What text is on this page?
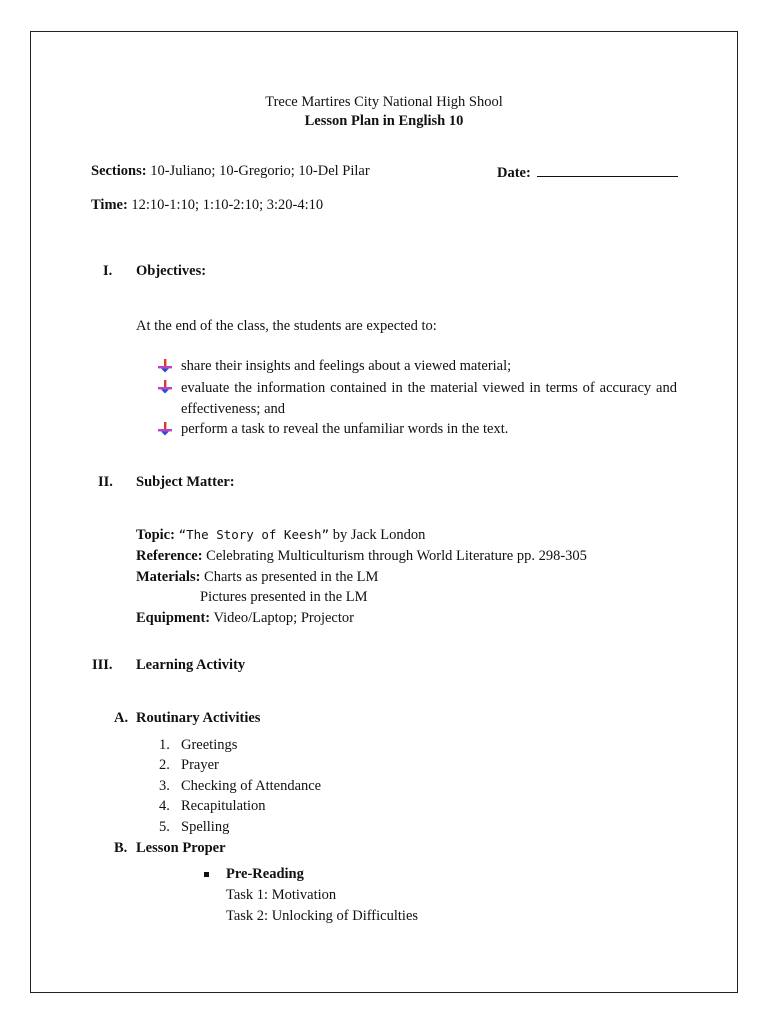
Trece Martires City National High Shool
Lesson Plan in English 10
Sections: 10-Juliano; 10-Gregorio; 10-Del Pilar	Date:
Time: 12:10-1:10; 1:10-2:10; 3:20-4:10
I. Objectives:
At the end of the class, the students are expected to:
share their insights and feelings about a viewed material;
evaluate the information contained in the material viewed in terms of accuracy and effectiveness; and
perform a task to reveal the unfamiliar words in the text.
II. Subject Matter:
Topic: “The Story of Keesh” by Jack London
Reference: Celebrating Multiculturism through World Literature pp. 298-305
Materials: Charts as presented in the LM
Pictures presented in the LM
Equipment: Video/Laptop; Projector
III. Learning Activity
A. Routinary Activities
1. Greetings
2. Prayer
3. Checking of Attendance
4. Recapitulation
5. Spelling
B. Lesson Proper
Pre-Reading
Task 1: Motivation
Task 2: Unlocking of Difficulties
